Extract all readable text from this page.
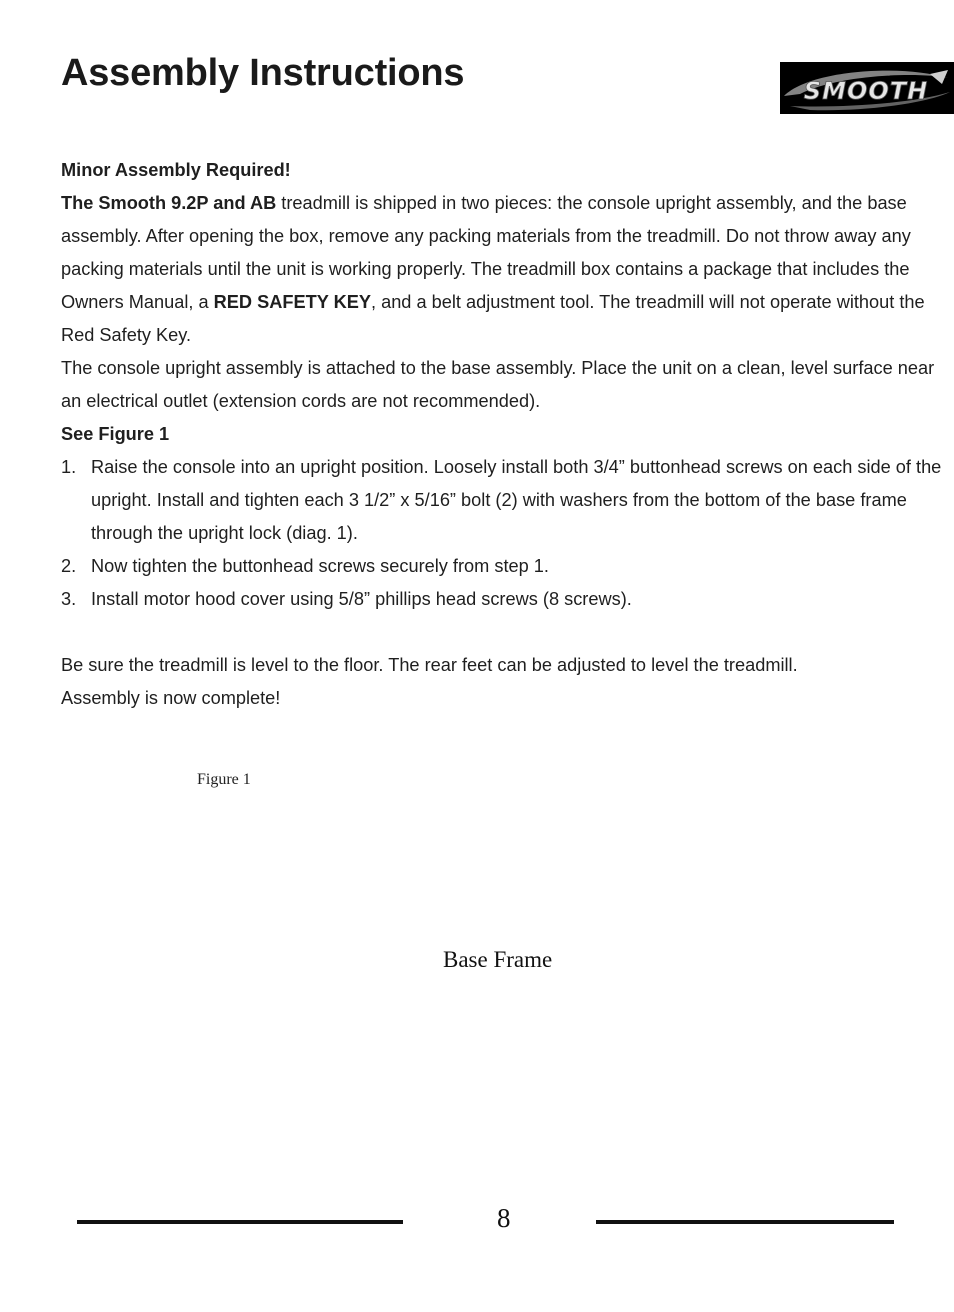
Assembly Instructions	SMOOTH

Minor Assembly Required!

The Smooth 9.2P and AB treadmill is shipped in two pieces: the console upright assembly, and the base assembly. After opening the box, remove any packing materials from the treadmill. Do not throw away any packing materials until the unit is working properly. The treadmill box contains a package that includes the Owners Manual, a RED SAFETY KEY, and a belt adjustment tool. The treadmill will not operate without the Red Safety Key.

The console upright assembly is attached to the base assembly. Place the unit on a clean, level surface near an electrical outlet (extension cords are not recommended).

See Figure 1

1. Raise the console into an upright position. Loosely install both 3/4” buttonhead screws on each side of the upright. Install and tighten each 3 1/2” x 5/16” bolt (2) with washers from the bottom of the base frame through the upright lock (diag. 1).
2. Now tighten the buttonhead screws securely from step 1.
3. Install motor hood cover using 5/8” phillips head screws (8 screws).

Be sure the treadmill is level to the floor. The rear feet can be adjusted to level the treadmill.

Assembly is now complete!

Figure 1
Base Frame
8
